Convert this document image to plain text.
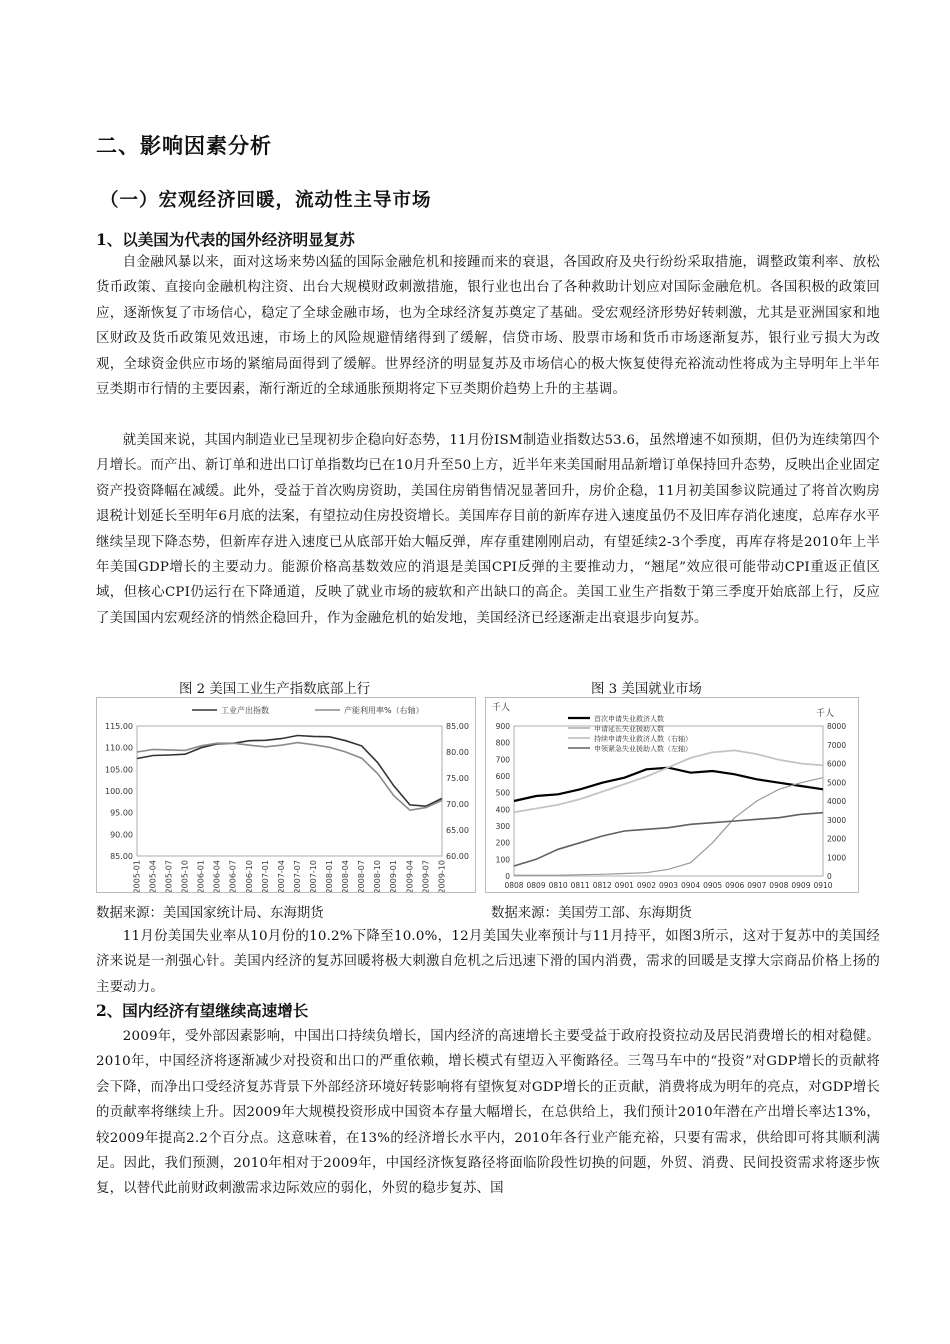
二、影响因素分析
（一）宏观经济回暖，流动性主导市场
1、以美国为代表的国外经济明显复苏

自金融风暴以来，面对这场来势凶猛的国际金融危机和接踵而来的衰退，各国政府及央行纷纷采取措施，调整政策利率、放松货币政策、直接向金融机构注资、出台大规模财政刺激措施，银行业也出台了各种救助计划应对国际金融危机。各国积极的政策回应，逐渐恢复了市场信心，稳定了全球金融市场，也为全球经济复苏奠定了基础。受宏观经济形势好转刺激，尤其是亚洲国家和地区财政及货币政策见效迅速，市场上的风险规避情绪得到了缓解，信贷市场、股票市场和货币市场逐渐复苏，银行业亏损大为改观，全球资金供应市场的紧缩局面得到了缓解。世界经济的明显复苏及市场信心的极大恢复使得充裕流动性将成为主导明年上半年豆类期市行情的主要因素，渐行渐近的全球通胀预期将定下豆类期价趋势上升的主基调。

就美国来说，其国内制造业已呈现初步企稳向好态势，11月份ISM制造业指数达53.6，虽然增速不如预期，但仍为连续第四个月增长。而产出、新订单和进出口订单指数均已在10月升至50上方，近半年来美国耐用品新增订单保持回升态势，反映出企业固定资产投资降幅在减缓。此外，受益于首次购房资助，美国住房销售情况显著回升，房价企稳，11月初美国参议院通过了将首次购房退税计划延长至明年6月底的法案，有望拉动住房投资增长。美国库存目前的新库存进入速度虽仍不及旧库存消化速度，总库存水平继续呈现下降态势，但新库存进入速度已从底部开始大幅反弹，库存重建刚刚启动，有望延续2-3个季度，再库存将是2010年上半年美国GDP增长的主要动力。能源价格高基数效应的消退是美国CPI反弹的主要推动力，“翘尾”效应很可能带动CPI重返正值区域，但核心CPI仍运行在下降通道，反映了就业市场的疲软和产出缺口的高企。美国工业生产指数于第三季度开始底部上行，反应了美国国内宏观经济的悄然企稳回升，作为金融危机的始发地，美国经济已经逐渐走出衰退步向复苏。

图 2 美国工业生产指数底部上行	图 3 美国就业市场

工业产出指数	产能利用率%（右轴）
115.00
110.00
105.00
100.00
95.00
90.00
85.00
85.00
80.00
75.00
70.00
65.00
60.00
2005-01 2005-04 2005-07 2005-10 2006-01 2006-04 2006-07 2006-10 2007-01 2007-04 2007-07 2007-10 2008-01 2008-04 2008-07 2008-10 2009-01 2009-04 2009-07 2009-10
千人
千人
首次申请失业救济人数
申请延长失业援助人数
持续申请失业救济人数（右轴）
申领紧急失业援助人数（左轴）
900
800
700
600
500
400
300
200
100
0
8000
7000
6000
5000
4000
3000
2000
1000
0
0808 0809 0810 0811 0812 0901 0902 0903 0904 0905 0906 0907 0908 0909 0910

数据来源：美国国家统计局、东海期货	数据来源：美国劳工部、东海期货

11月份美国失业率从10月份的10.2%下降至10.0%，12月美国失业率预计与11月持平，如图3所示，这对于复苏中的美国经济来说是一剂强心针。美国内经济的复苏回暖将极大刺激自危机之后迅速下滑的国内消费，需求的回暖是支撑大宗商品价格上扬的主要动力。

2、国内经济有望继续高速增长

2009年，受外部因素影响，中国出口持续负增长，国内经济的高速增长主要受益于政府投资拉动及居民消费增长的相对稳健。2010年，中国经济将逐渐减少对投资和出口的严重依赖，增长模式有望迈入平衡路径。三驾马车中的“投资”对GDP增长的贡献将会下降，而净出口受经济复苏背景下外部经济环境好转影响将有望恢复对GDP增长的正贡献，消费将成为明年的亮点，对GDP增长的贡献率将继续上升。因2009年大规模投资形成中国资本存量大幅增长，在总供给上，我们预计2010年潜在产出增长率达13%，较2009年提高2.2个百分点。这意味着，在13%的经济增长水平内，2010年各行业产能充裕，只要有需求，供给即可将其顺利满足。因此，我们预测，2010年相对于2009年，中国经济恢复路径将面临阶段性切换的问题，外贸、消费、民间投资需求将逐步恢复，以替代此前财政刺激需求边际效应的弱化，外贸的稳步复苏、国
